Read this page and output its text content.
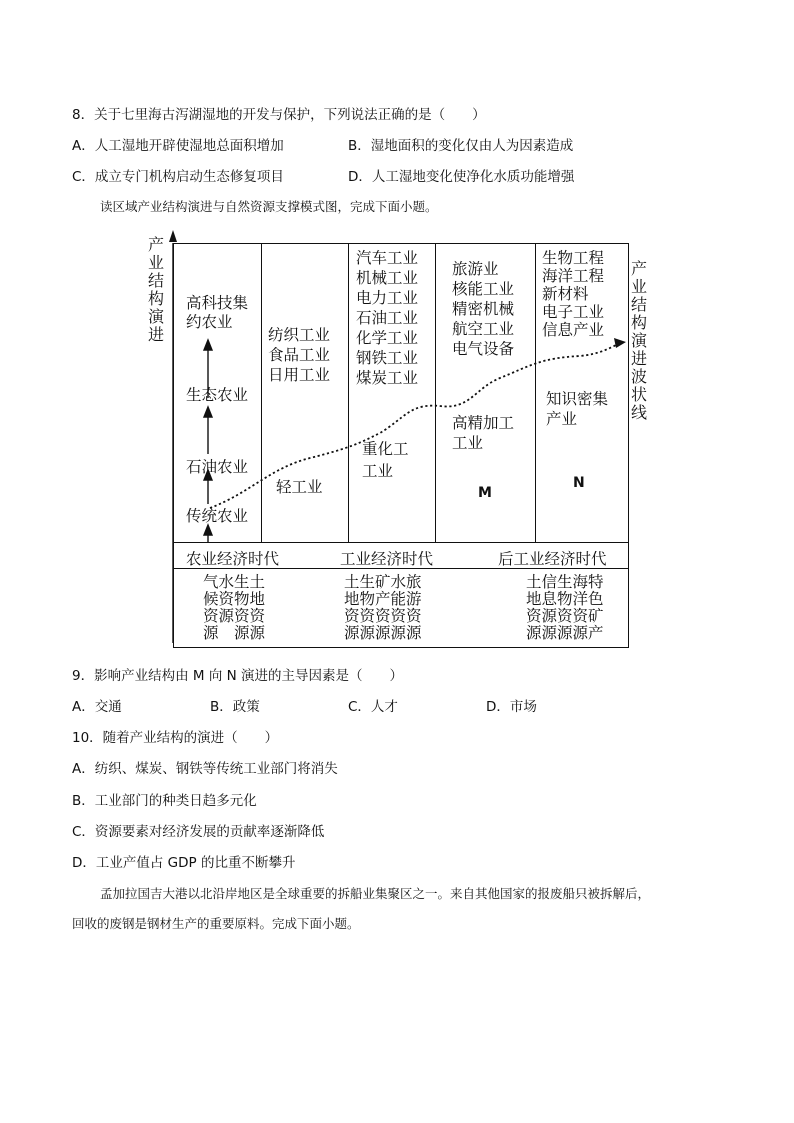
8．关于七里海古泻湖湿地的开发与保护，下列说法正确的是（　　）
A．人工湿地开辟使湿地总面积增加	B．湿地面积的变化仅由人为因素造成
C．成立专门机构启动生态修复项目	D．人工湿地变化使净化水质功能增强
读区域产业结构演进与自然资源支撑模式图，完成下面小题。
产业结构演进
产业结构演进波状线
高科技集
约农业
生态农业
石油农业
传统农业
纺织工业
食品工业
日用工业
轻工业
汽车工业
机械工业
电力工业
石油工业
化学工业
钢铁工业
煤炭工业
重化工
工业
旅游业
核能工业
精密机械
航空工业
电气设备
高精加工
工业
M
生物工程
海洋工程
新材料
电子工业
信息产业
知识密集
产业
N
农业经济时代	工业经济时代	后工业经济时代
气水生土
候资物地
资源资资
源　源源
土生矿水旅
地物产能游
资资资资资
源源源源源
土信生海特
地息物洋色
资源资资矿
源源源源产
9．影响产业结构由 M 向 N 演进的主导因素是（　　）
A．交通	B．政策	C．人才	D．市场
10．随着产业结构的演进（　　）
A．纺织、煤炭、钢铁等传统工业部门将消失
B．工业部门的种类日趋多元化
C．资源要素对经济发展的贡献率逐渐降低
D．工业产值占 GDP 的比重不断攀升
孟加拉国吉大港以北沿岸地区是全球重要的拆船业集聚区之一。来自其他国家的报废船只被拆解后，
回收的废钢是钢材生产的重要原料。完成下面小题。
